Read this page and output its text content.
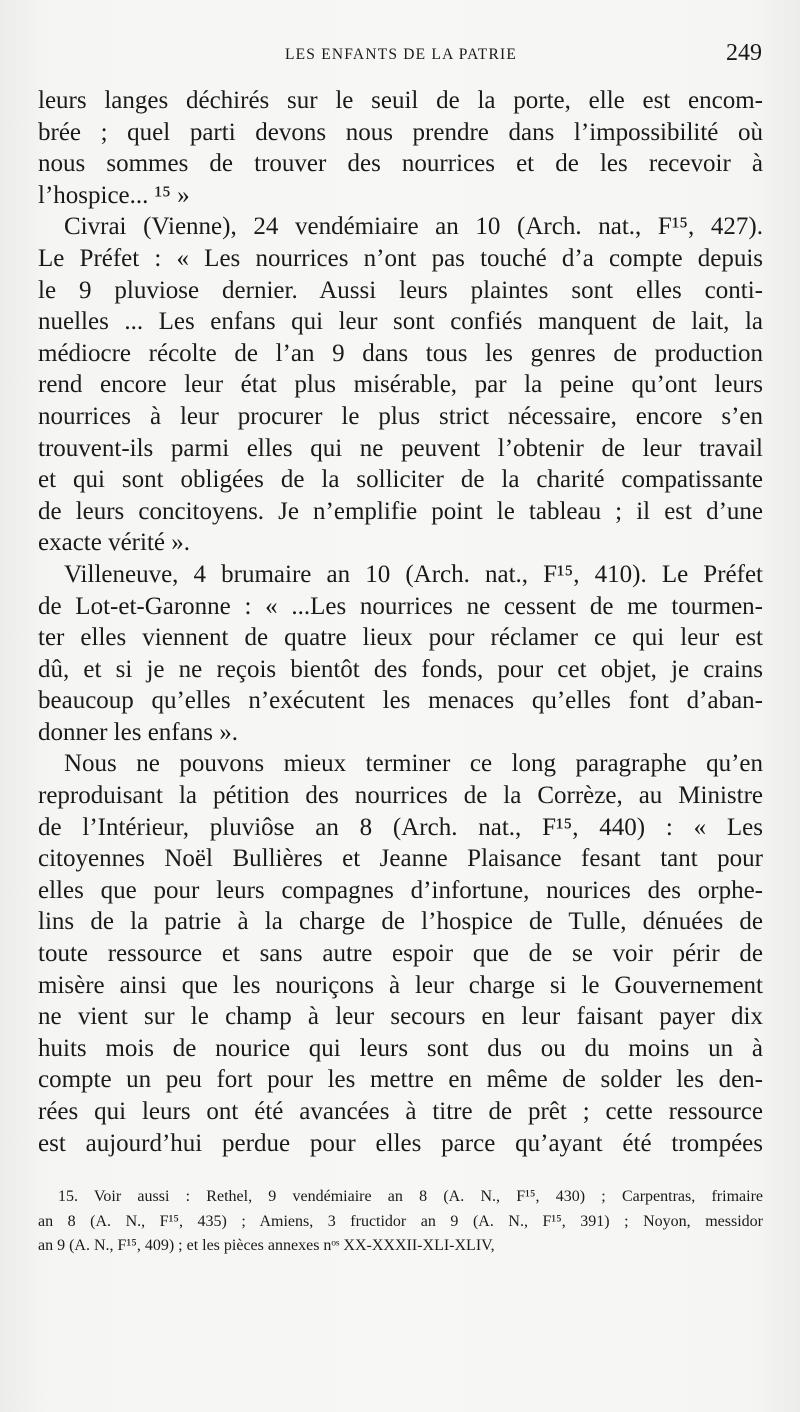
LES ENFANTS DE LA PATRIE	249
leurs langes déchirés sur le seuil de la porte, elle est encom-
brée ; quel parti devons nous prendre dans l’impossibilité où
nous sommes de trouver des nourrices et de les recevoir à
l’hospice... ¹⁵ »
Civrai (Vienne), 24 vendémiaire an 10 (Arch. nat., F¹⁵, 427).
Le Préfet : « Les nourrices n’ont pas touché d’a compte depuis
le 9 pluviose dernier. Aussi leurs plaintes sont elles conti-
nuelles ... Les enfans qui leur sont confiés manquent de lait, la
médiocre récolte de l’an 9 dans tous les genres de production
rend encore leur état plus misérable, par la peine qu’ont leurs
nourrices à leur procurer le plus strict nécessaire, encore s’en
trouvent-ils parmi elles qui ne peuvent l’obtenir de leur travail
et qui sont obligées de la solliciter de la charité compatissante
de leurs concitoyens. Je n’emplifie point le tableau ; il est d’une
exacte vérité ».
Villeneuve, 4 brumaire an 10 (Arch. nat., F¹⁵, 410). Le Préfet
de Lot-et-Garonne : « ...Les nourrices ne cessent de me tourmen-
ter elles viennent de quatre lieux pour réclamer ce qui leur est
dû, et si je ne reçois bientôt des fonds, pour cet objet, je crains
beaucoup qu’elles n’exécutent les menaces qu’elles font d’aban-
donner les enfans ».
Nous ne pouvons mieux terminer ce long paragraphe qu’en
reproduisant la pétition des nourrices de la Corrèze, au Ministre
de l’Intérieur, pluviôse an 8 (Arch. nat., F¹⁵, 440) : « Les
citoyennes Noël Bullières et Jeanne Plaisance fesant tant pour
elles que pour leurs compagnes d’infortune, nourices des orphe-
lins de la patrie à la charge de l’hospice de Tulle, dénuées de
toute ressource et sans autre espoir que de se voir périr de
misère ainsi que les nouriçons à leur charge si le Gouvernement
ne vient sur le champ à leur secours en leur faisant payer dix
huits mois de nourice qui leurs sont dus ou du moins un à
compte un peu fort pour les mettre en même de solder les den-
rées qui leurs ont été avancées à titre de prêt ; cette ressource
est aujourd’hui perdue pour elles parce qu’ayant été trompées
15. Voir aussi : Rethel, 9 vendémiaire an 8 (A. N., F¹⁵, 430) ; Carpentras, frimaire
an 8 (A. N., F¹⁵, 435) ; Amiens, 3 fructidor an 9 (A. N., F¹⁵, 391) ; Noyon, messidor
an 9 (A. N., F¹⁵, 409) ; et les pièces annexes nᵒˢ XX-XXXII-XLI-XLIV,
